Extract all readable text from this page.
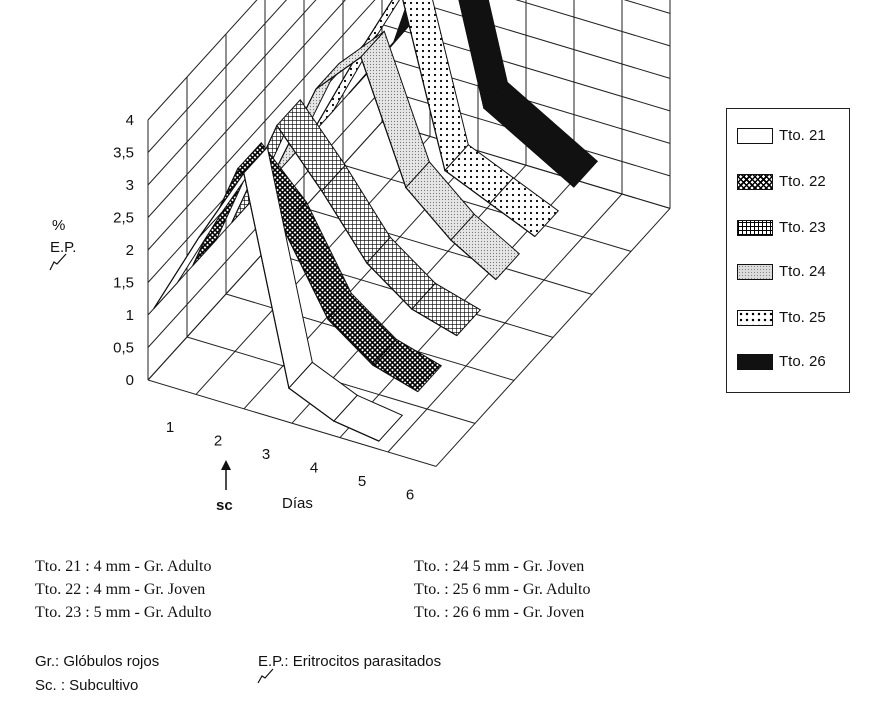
0
0,5
1
1,5
2
2,5
3
3,5
4
1
2
3
4
5
6
%
E.P.
Días
sc
Tto. 21
Tto. 22
Tto. 23
Tto. 24
Tto. 25
Tto. 26
Tto. 21 : 4 mm - Gr. Adulto
Tto. 22 : 4 mm - Gr. Joven
Tto. 23 : 5 mm - Gr. Adulto
Tto. : 24 5 mm - Gr. Joven
Tto. : 25 6 mm - Gr. Adulto
Tto. : 26 6 mm - Gr. Joven
Gr.: Glóbulos rojos
Sc. : Subcultivo
E.P.: Eritrocitos parasitados
